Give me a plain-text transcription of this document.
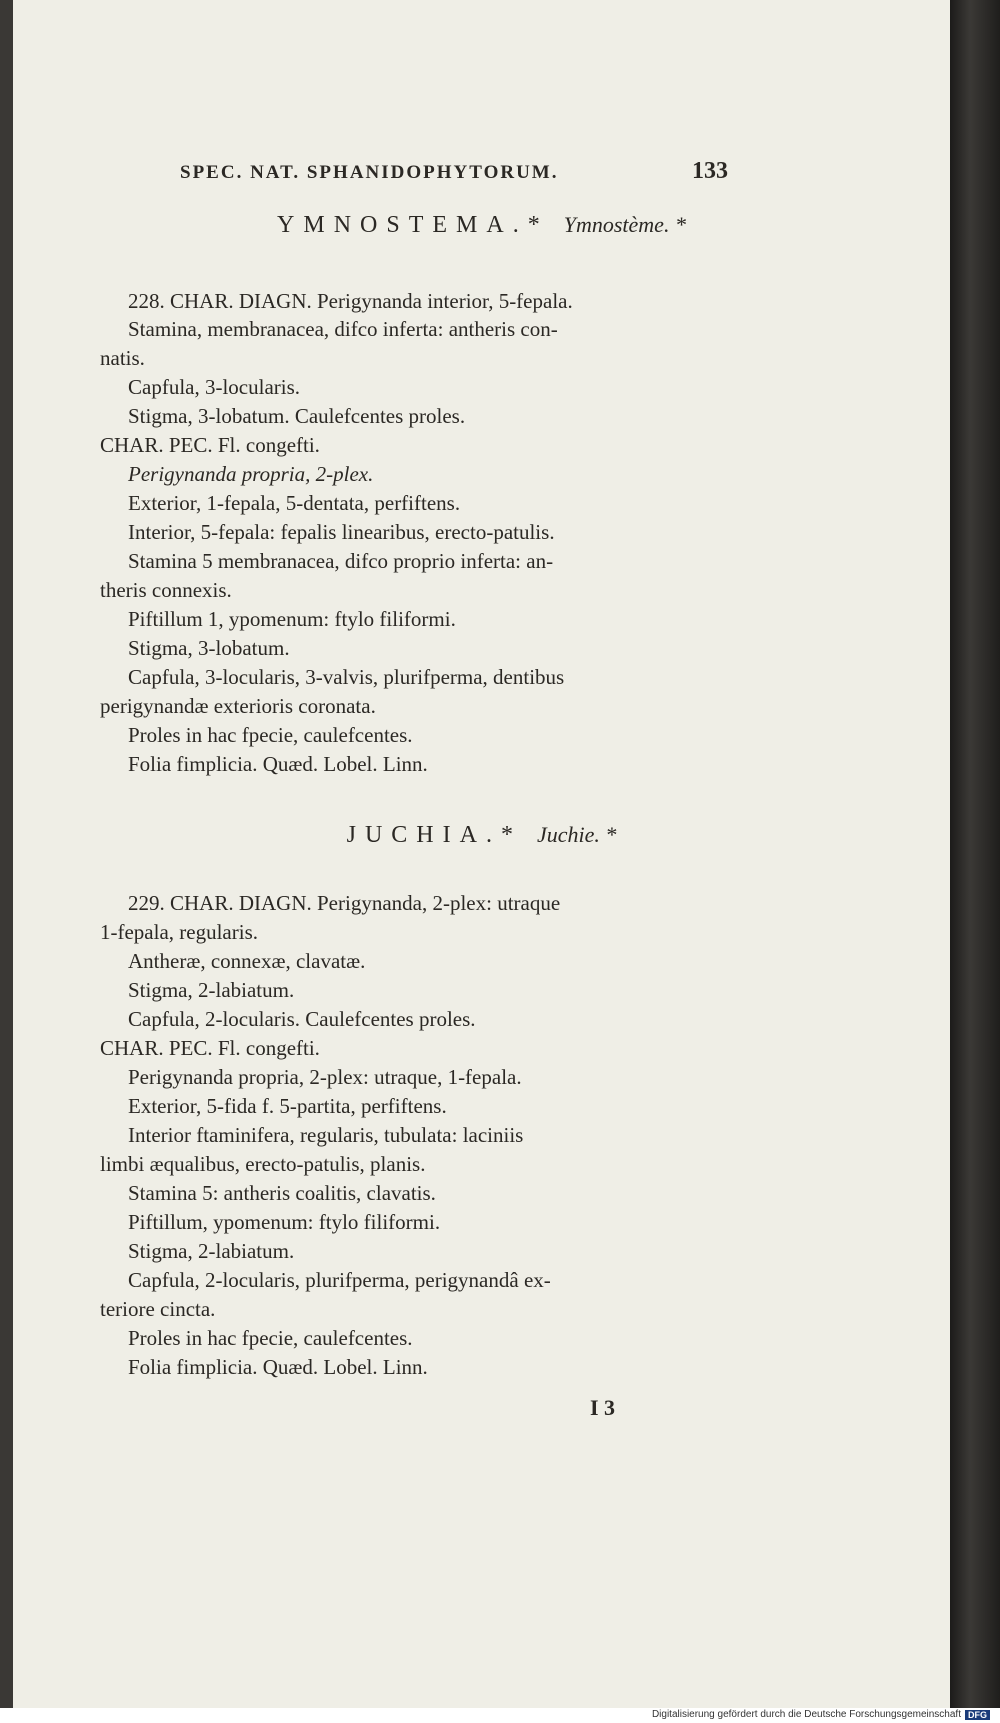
SPEC. NAT. SPHANIDOPHYTORUM.	133
YMNOSTEMA.* Ymnostème. *
228. CHAR. DIAGN. Perigynanda interior, 5-fepala.
Stamina, membranacea, difco inferta: antheris con-
natis.
Capfula, 3-locularis.
Stigma, 3-lobatum. Caulefcentes proles.
CHAR. PEC. Fl. congefti.
Perigynanda propria, 2-plex.
Exterior, 1-fepala, 5-dentata, perfiftens.
Interior, 5-fepala: fepalis linearibus, erecto-patulis.
Stamina 5 membranacea, difco proprio inferta: an-
theris connexis.
Piftillum 1, ypomenum: ftylo filiformi.
Stigma, 3-lobatum.
Capfula, 3-locularis, 3-valvis, plurifperma, dentibus
perigynandæ exterioris coronata.
Proles in hac fpecie, caulefcentes.
Folia fimplicia. Quæd. Lobel. Linn.
JUCHIA.* Juchie. *
229. CHAR. DIAGN. Perigynanda, 2-plex: utraque
1-fepala, regularis.
Antheræ, connexæ, clavatæ.
Stigma, 2-labiatum.
Capfula, 2-locularis. Caulefcentes proles.
CHAR. PEC. Fl. congefti.
Perigynanda propria, 2-plex: utraque, 1-fepala.
Exterior, 5-fida f. 5-partita, perfiftens.
Interior ftaminifera, regularis, tubulata: laciniis
limbi æqualibus, erecto-patulis, planis.
Stamina 5: antheris coalitis, clavatis.
Piftillum, ypomenum: ftylo filiformi.
Stigma, 2-labiatum.
Capfula, 2-locularis, plurifperma, perigynandâ ex-
teriore cincta.
Proles in hac fpecie, caulefcentes.
Folia fimplicia. Quæd. Lobel. Linn.
I 3
Digitalisierung gefördert durch die Deutsche Forschungsgemeinschaft DFG
